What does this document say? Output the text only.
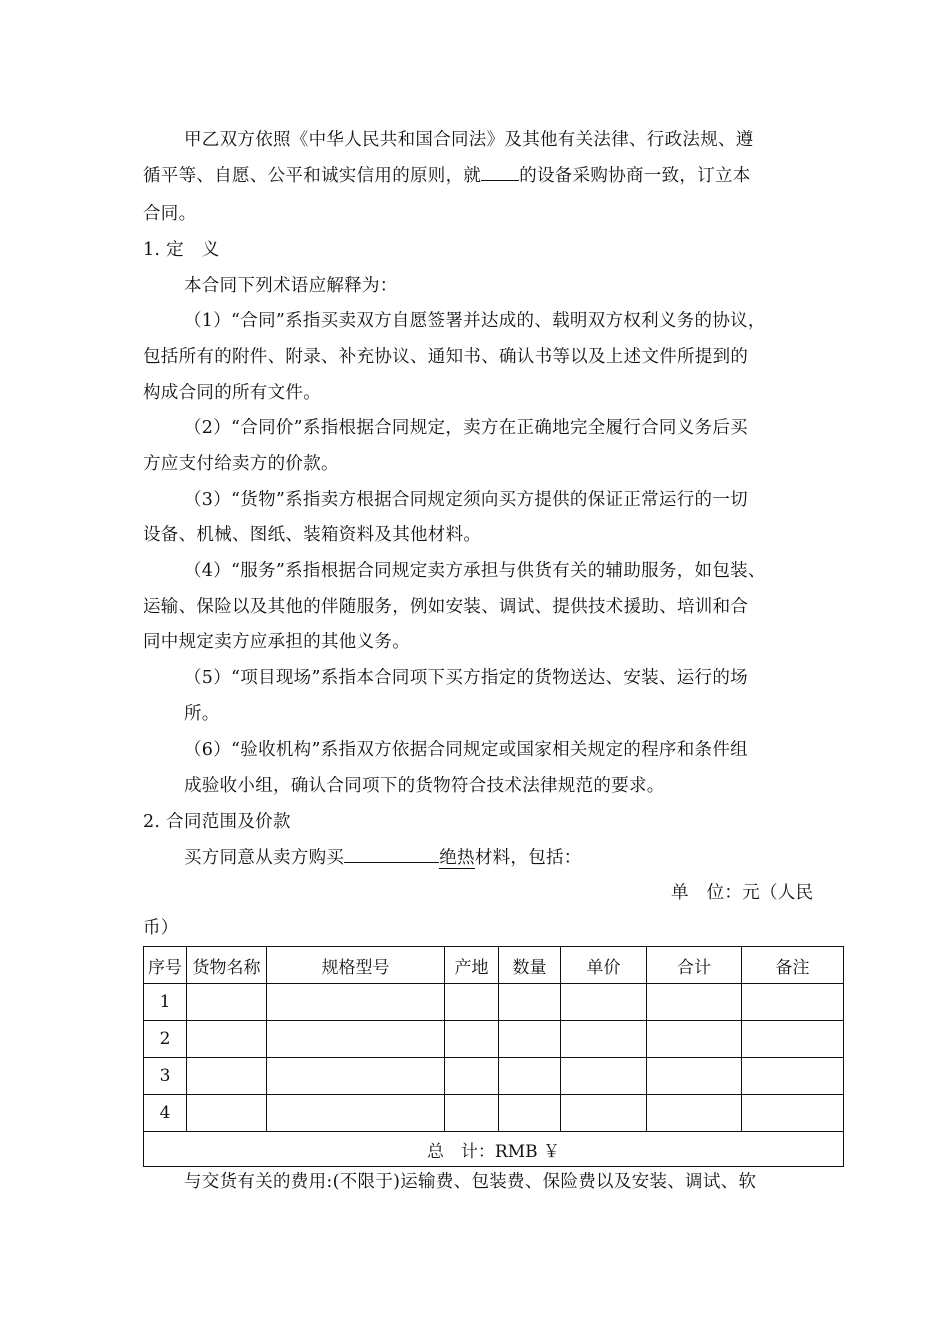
甲乙双方依照《中华人民共和国合同法》及其他有关法律、行政法规、遵
循平等、自愿、公平和诚实信用的原则，就 的设备采购协商一致，订立本
合同。
1. 定　义
本合同下列术语应解释为：
（1）“合同”系指买卖双方自愿签署并达成的、载明双方权利义务的协议，
包括所有的附件、附录、补充协议、通知书、确认书等以及上述文件所提到的
构成合同的所有文件。
（2）“合同价”系指根据合同规定，卖方在正确地完全履行合同义务后买
方应支付给卖方的价款。
（3）“货物”系指卖方根据合同规定须向买方提供的保证正常运行的一切
设备、机械、图纸、装箱资料及其他材料。
（4）“服务”系指根据合同规定卖方承担与供货有关的辅助服务，如包装、
运输、保险以及其他的伴随服务，例如安装、调试、提供技术援助、培训和合
同中规定卖方应承担的其他义务。
（5）“项目现场”系指本合同项下买方指定的货物送达、安装、运行的场
所。
（6）“验收机构”系指双方依据合同规定或国家相关规定的程序和条件组
成验收小组，确认合同项下的货物符合技术法律规范的要求。
2. 合同范围及价款
买方同意从卖方购买	绝热材料，包括：
单　位：元（人民
币）
序号	货物名称	规格型号	产地	数量	单价	合计	备注
1							
2							
3							
4							
总　计：RMB ￥							
与交货有关的费用:(不限于)运输费、包装费、保险费以及安装、调试、软
